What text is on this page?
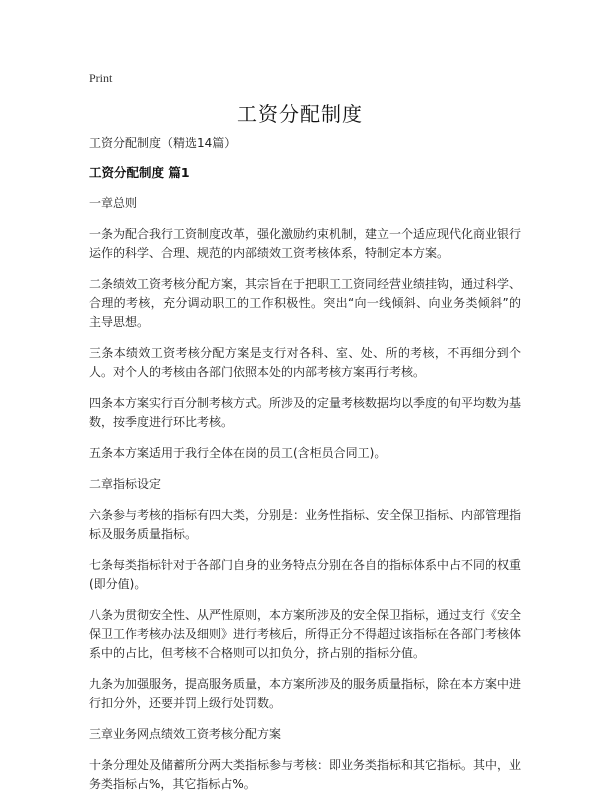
Print
工资分配制度

工资分配制度（精选14篇）

工资分配制度 篇1

一章总则

一条为配合我行工资制度改革，强化激励约束机制，建立一个适应现代化商业银行运作的科学、合理、规范的内部绩效工资考核体系，特制定本方案。

二条绩效工资考核分配方案，其宗旨在于把职工工资同经营业绩挂钩，通过科学、合理的考核，充分调动职工的工作积极性。突出“向一线倾斜、向业务类倾斜”的主导思想。

三条本绩效工资考核分配方案是支行对各科、室、处、所的考核，不再细分到个人。对个人的考核由各部门依照本处的内部考核方案再行考核。

四条本方案实行百分制考核方式。所涉及的定量考核数据均以季度的旬平均数为基数，按季度进行环比考核。

五条本方案适用于我行全体在岗的员工(含柜员合同工)。

二章指标设定

六条参与考核的指标有四大类，分别是：业务性指标、安全保卫指标、内部管理指标及服务质量指标。

七条每类指标针对于各部门自身的业务特点分别在各自的指标体系中占不同的权重(即分值)。

八条为贯彻安全性、从严性原则，本方案所涉及的安全保卫指标，通过支行《安全保卫工作考核办法及细则》进行考核后，所得正分不得超过该指标在各部门考核体系中的占比，但考核不合格则可以扣负分，挤占别的指标分值。

九条为加强服务，提高服务质量，本方案所涉及的服务质量指标，除在本方案中进行扣分外，还要并罚上级行处罚数。

三章业务网点绩效工资考核分配方案

十条分理处及储蓄所分两大类指标参与考核：即业务类指标和其它指标。其中，业务类指标占%，其它指标占%。
